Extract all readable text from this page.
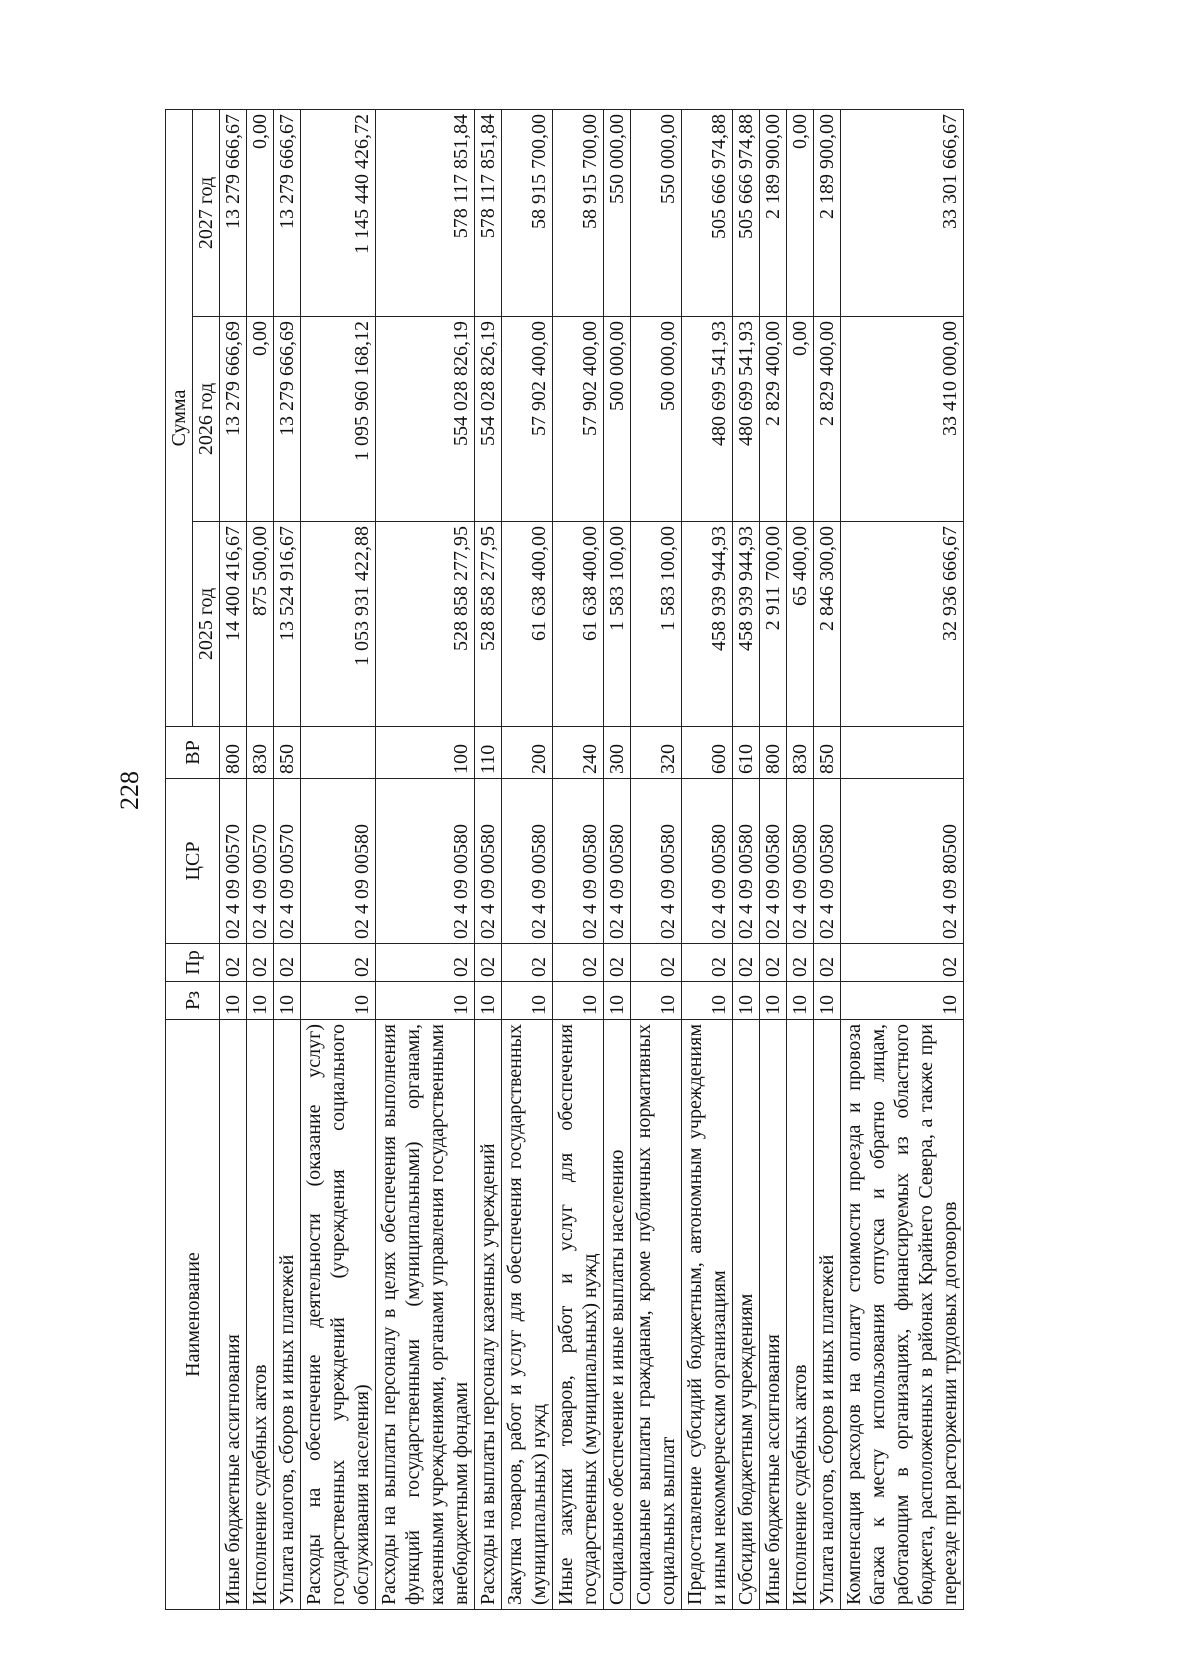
228
Наименование	Рз	Пр	ЦСР	ВР	Сумма		
					2025 год	2026 год	2027 год
Иные бюджетные ассигнования	10	02	02 4 09 00570	800	14 400 416,67	13 279 666,69	13 279 666,67
Исполнение судебных актов	10	02	02 4 09 00570	830	875 500,00	0,00	0,00
Уплата налогов, сборов и иных платежей	10	02	02 4 09 00570	850	13 524 916,67	13 279 666,69	13 279 666,67
Расходы на обеспечение деятельности (оказание услуг) государственных учреждений (учреждения социального обслуживания населения)	10	02	02 4 09 00580		1 053 931 422,88	1 095 960 168,12	1 145 440 426,72
Расходы на выплаты персоналу в целях обеспечения выполнения функций государственными (муниципальными) органами, казенными учреждениями, органами управления государственными внебюджетными фондами	10	02	02 4 09 00580	100	528 858 277,95	554 028 826,19	578 117 851,84
Расходы на выплаты персоналу казенных учреждений	10	02	02 4 09 00580	110	528 858 277,95	554 028 826,19	578 117 851,84
Закупка товаров, работ и услуг для обеспечения государственных (муниципальных) нужд	10	02	02 4 09 00580	200	61 638 400,00	57 902 400,00	58 915 700,00
Иные закупки товаров, работ и услуг для обеспечения государственных (муниципальных) нужд	10	02	02 4 09 00580	240	61 638 400,00	57 902 400,00	58 915 700,00
Социальное обеспечение и иные выплаты населению	10	02	02 4 09 00580	300	1 583 100,00	500 000,00	550 000,00
Социальные выплаты гражданам, кроме публичных нормативных социальных выплат	10	02	02 4 09 00580	320	1 583 100,00	500 000,00	550 000,00
Предоставление субсидий бюджетным, автономным учреждениям и иным некоммерческим организациям	10	02	02 4 09 00580	600	458 939 944,93	480 699 541,93	505 666 974,88
Субсидии бюджетным учреждениям	10	02	02 4 09 00580	610	458 939 944,93	480 699 541,93	505 666 974,88
Иные бюджетные ассигнования	10	02	02 4 09 00580	800	2 911 700,00	2 829 400,00	2 189 900,00
Исполнение судебных актов	10	02	02 4 09 00580	830	65 400,00	0,00	0,00
Уплата налогов, сборов и иных платежей	10	02	02 4 09 00580	850	2 846 300,00	2 829 400,00	2 189 900,00
Компенсация расходов на оплату стоимости проезда и провоза багажа к месту использования отпуска и обратно лицам, работающим в организациях, финансируемых из областного бюджета, расположенных в районах Крайнего Севера, а также при переезде при расторжении трудовых договоров	10	02	02 4 09 80500		32 936 666,67	33 410 000,00	33 301 666,67
